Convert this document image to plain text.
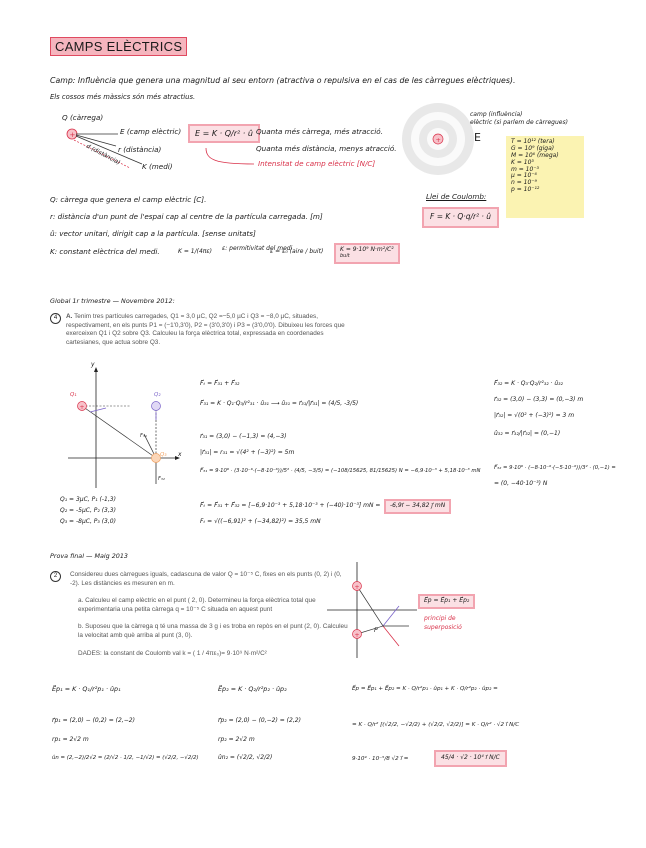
CAMPS ELÈCTRICS
Camp: Influència que genera una magnitud al seu entorn (atractiva o repulsiva en el cas de les càrregues elèctriques).
Els cossos més màssics són més atractius.
+
Q (càrrega)
E (camp elèctric)
r (distància)
K (medi)
d (distància)
E = K · Q/r² · û Quanta més càrrega, més atracció.
Quanta més distància, menys atracció.
Intensitat de camp elèctric [N/C]
+
camp (influència)
elèctric (si parlem de càrregues)
E	T = 10¹² (tera)
G = 10⁹ (giga)
M = 10⁶ (mega)
K = 10³
m = 10⁻³
µ = 10⁻⁶
n = 10⁻⁹
p = 10⁻¹²
Q: càrrega que genera el camp elèctric [C].
r: distància d'un punt de l'espai cap al centre de la partícula carregada. [m]
û: vector unitari, dirigit cap a la partícula. [sense unitats]
K: constant elèctrica del medi.	K = 1/(4πε) ε: permitivitat del medi
ε = ε₀ (aire / buit)	K = 9·10⁹ N·m²/C²
buit
Llei de Coulomb:
F = K · Q·q/r² · û
Global 1r trimestre — Novembre 2012:
4	A. Tenim tres partícules carregades, Q1 = 3,0 µC, Q2 =−5,0 µC i Q3 = −8,0 µC, situades, respectivament, en els punts P1 = (−1'0,3'0), P2 = (3'0,3'0) i P3 = (3'0,0'0). Dibuixeu les forces que exerceixen Q1 i Q2 sobre Q3. Calculeu la força elèctrica total, expressada en coordenades cartesianes, que actua sobre Q3.
+
F₃₁
F₃₂
y
x
Q₁	Q₂
Q₃
Q₁ = 3µC, P₁ (-1,3)
Q₂ = -5µC, P₂ (3,3)
Q₃ = -8µC, P₃ (3,0)
F⃗ₜ = F⃗₃₁ + F⃗₃₂
F⃗₃₁ = K · Q₁·Q₃/r²₃₁ · û₃₁ ⟶ û₃₁ = r⃗₃₁/|r⃗₃₁| = (4/5, -3/5)
r⃗₃₁ = (3,0) − (−1,3) = (4,−3)
|r⃗₃₁| = r₃₁ = √(4² + (−3)²) = 5m
F⃗₃₁ = 9·10⁹ · (3·10⁻⁶·(−8·10⁻⁶))/5² · (4/5, −3/5) = (−108/15625, 81/15625) N = −6,9·10⁻³ + 5,18·10⁻³ mN
F⃗ₜ = F⃗₃₁ + F⃗₃₂ = [−6,9·10⁻³ + 5,18·10⁻³ + (−40)·10⁻³] mN =	-6,9i⃗ − 34,82 j⃗ mN
Fₜ = √((−6,91)² + (−34,82)²) = 35,5 mN
F⃗₃₂ = K · Q₃·Q₂/r²₃₂ · û₃₂
r⃗₃₂ = (3,0) − (3,3) = (0,−3) m
|r⃗₃₂| = √(0² + (−3)²) = 3 m
û₃₂ = r⃗₃₂/|r⃗₃₂| = (0,−1)
F⃗₃₂ = 9·10⁹ · (−8·10⁻⁶·(−5·10⁻⁶))/3² · (0,−1) =
= (0, −40·10⁻³) N
Prova final — Maig 2013
2	Considereu dues càrregues iguals, cadascuna de valor Q = 10⁻⁵ C, fixes en els punts (0, 2) i (0, -2). Les distàncies es mesuren en m.
a. Calculeu el camp elèctric en el punt ( 2, 0). Determineu la força elèctrica total que experimentaria una petita càrrega q = 10⁻⁵ C situada en aquest punt
b. Suposeu que la càrrega q té una massa de 3 g i es troba en repòs en el punt (2, 0). Calculeu la velocitat amb què arriba al punt (3, 0).
DADES: la constant de Coulomb val k = ( 1 / 4πε₀)= 9·10⁹ N·m²/C²
+
+
P
E⃗p = E⃗p₁ + E⃗p₂
principi de
superposició
E⃗p₁ = K · Q₁/r²p₁ · ûp₁
r⃗p₁ = (2,0) − (0,2) = (2,−2)
rp₁ = 2√2 m
ûn = (2,−2)/2√2 = (2/√2 · 1/2, −1/√2) = (√2/2, −√2/2)
E⃗p₂ = K · Q₂/r²p₂ · ûp₂
r⃗p₂ = (2,0) − (0,−2) = (2,2)
rp₂ = 2√2 m
ûn₂ = (√2/2, √2/2)
E⃗p = E⃗p₁ + E⃗p₂ = K · Q/r²p₁ · ûp₁ + K · Q/r²p₂ · ûp₂ =
= K · Q/r² [(√2/2, −√2/2) + (√2/2, √2/2)] = K · Q/r² · √2 i⃗ N/C
9·10⁹ · 10⁻⁵/8 √2 i⃗ =	45/4 · √2 · 10⁴ i⃗ N/C
